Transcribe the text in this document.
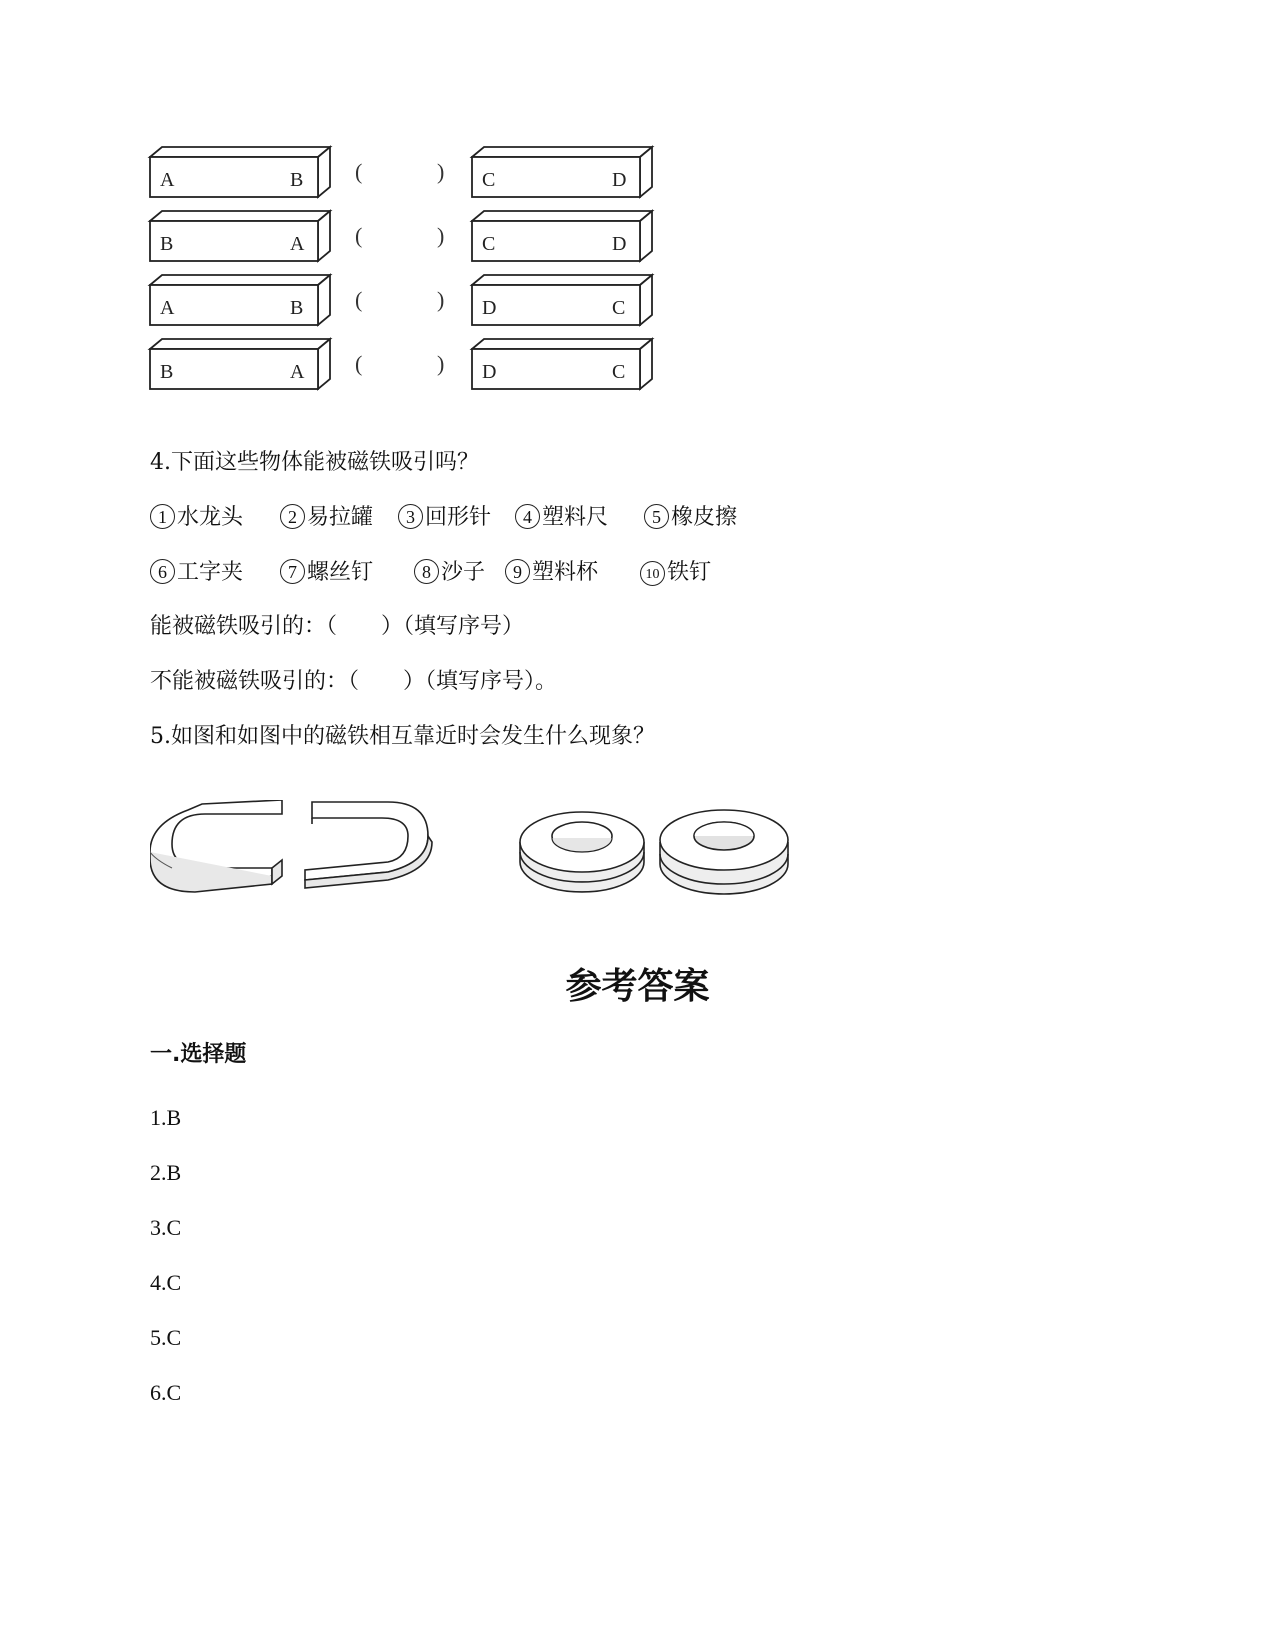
A	B (	) C	D
B	A (	) C	D
A	B (	) D	C
B	A (	) D	C
4.下面这些物体能被磁铁吸引吗？
1 水龙头	2 易拉罐	3 回形针	4 塑料尺	5 橡皮擦
6 工字夹	7 螺丝钉	8 沙子	9 塑料杯	10 铁钉
能被磁铁吸引的：（　　）（填写序号）
不能被磁铁吸引的：（　　）（填写序号）。
5.如图和如图中的磁铁相互靠近时会发生什么现象？
参考答案
一.选择题
1.B
2.B
3.C
4.C
5.C
6.C
